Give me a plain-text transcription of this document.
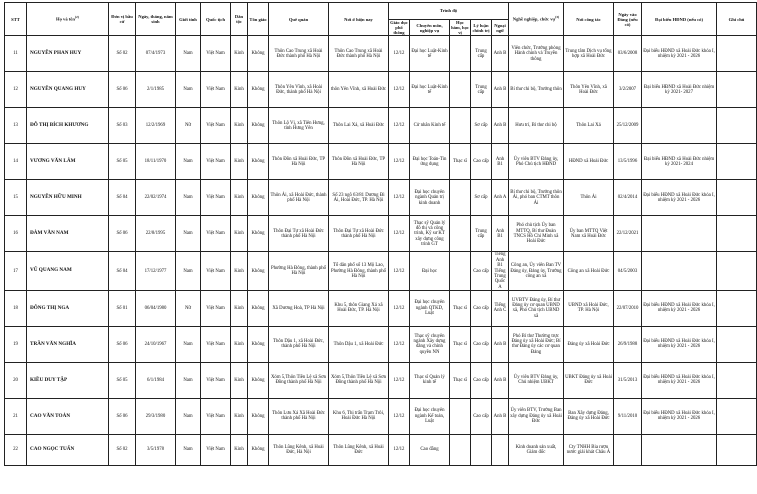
STT	Họ và tên$^{(2)}$	Đơn vị bầu cử	Ngày, tháng, năm sinh	Giới tính	Quốc tịch	Dân tộc	Tôn giáo	Quê quán	Nơi ở hiện nay	Trình độ					Nghề nghiệp, chức vụ$^{(3)}$	Nơi công tác	Ngày vào Đảng (nếu có)	Đại biểu HĐND (nếu có)	Ghi chú
										Giáo dục phổ thông	Chuyên môn, nghiệp vụ	Học hàm, học vị	Lý luận chính trị	Ngoại ngữ					
11	NGUYỄN PHAN HUY	Số 02	07/4/1973	Nam	Việt Nam	Kinh	Không	Thôn Cao Trung xã Hoài Đức thành phố Hà Nội	Thôn Cao Trung xã Hoài Đức thành phố Hà Nội	12/12	Đại học Luật-Kinh tế		Trung cấp	Anh B	Viên chức, Trưởng phòng Hành chính và Truyền thông	Trung tâm Dịch vụ tổng hợp xã Hoài Đức	03/6/2008	Đại biểu HĐND xã Hoài Đức khóa I, nhiệm kỳ 2021 - 2026	
12	NGUYỄN QUANG HUY	Số 06	2/1/1985	Nam	Việt Nam	Kinh	Không	Thôn Yên Vĩnh, xã Hoài Đức, thành phố Hà Nội	thôn Yên Vĩnh, xã Hoài Đức	12/12	Đại học Luật-Kinh tế		Trung cấp	Anh B	Bí thư chi bộ, Trưởng thôn	Thôn Yên Vĩnh, xã Hoài Đức	3/2/2007	Đại biểu HĐND xã Hoài Đức nhiệm kỳ 2021- 2027	
13	ĐỖ THỊ BÍCH KHƯƠNG	Số 03	12/2/1969	Nữ	Việt Nam	Kinh	Không	Thôn Lộ Vị, xã Tiên Hưng, tỉnh Hưng Yên	Thôn Lai Xá, xã Hoài Đức	12/12	Cử nhân Kinh tế		Sơ cấp	Anh B	Hưu trí, Bí thư chi bộ	Thôn Lai Xá	25/12/2009		
14	VƯƠNG VĂN LÂM	Số 05	18/11/1970	Nam	Việt Nam	Kinh	Không	Thôn Đồn xã Hoài Đức, TP Hà Nội	Thôn Đồn xã Hoài Đức, TP Hà Nội	12/12	Đại học Toán-Tin ứng dụng	Thạc sĩ	Cao cấp	Anh B1	Ủy viên BTV Đảng ủy, Phó Chủ tịch HĐND	HĐND xã Hoài Đức	13/5/1996	Đại biểu HĐND xã Hoài Đức nhiệm kỳ 2021- 2024	
15	NGUYỄN HỮU MINH	Số 04	22/02/1974	Nam	Việt Nam	Kinh	Không	Thôn Ải, xã Hoài Đức, thành phố Hà Nội	Số 23 ngõ 63/81 Dương Đì Ải, Hoài Đức, TP. Hà Nội	12/12	Đại học chuyên ngành Quản trị kinh doanh		Sơ cấp	Anh A	Bí thư chi bộ, Trưởng thôn Ải, phó ban CTMT thôn Ải	Thôn Ải	02/4/2014	Đại biểu HĐND xã Hoài Đức khóa I, nhiệm kỳ 2021 - 2026	
16	ĐÀM VĂN NAM	Số 06	22/8/1995	Nam	Việt Nam	Kinh	Không	Thôn Đại Tự xã Hoài Đức thành phố Hà Nội	Thôn Đại Tự xã Hoài Đức thành phố Hà Nội	12/12	Thạc sỹ Quản lý đô thị và công trình, Kỹ sư KT xây dựng công trình GT		Trung cấp	Anh B1	Phó chủ tịch Ủy ban MTTQ, Bí thư Đoàn TNCS Hồ Chí Minh xã Hoài Đức	Ủy ban MTTQ Việt Nam xã Hoài Đức	22/12/2021		
17	VŨ QUANG NAM	Số 04	17/12/1977	Nam	Việt Nam	Kinh	Không	Phường Hà Đông, thành phố Hà Nội	Tổ dân phố số 13 Mộ Lao, Phường Hà Đông, thành phố Hà Nội	12/12	Đại học		Cao cấp	Tiếng Anh B1 Tiếng Trung Quốc A	Công an, Ủy viên Ban TV Đảng ủy, Đảng ủy, Trưởng công an xã	Công an xã Hoài Đức	04/5/2003		
18	ĐÔNG THỊ NGA	Số 01	06/04/1980	Nữ	Việt Nam	Kinh	Không	Xã Dương Hoà, TP Hà Nội	Khu 5, thôn Giang Xá xã Hoài Đức, TP. Hà Nội	12/12	Đại học chuyên ngành QTKD, Luật	Thạc sĩ	Cao cấp	Tiếng Anh C	UVBTV Đảng ủy, Bí thư Đảng ủy cơ quan UBND xã, Phó Chủ tịch UBND xã	UBND xã Hoài Đức, TP. Hà Nội	22/07/2010	Đại biểu HĐND xã Hoài Đức khóa I, nhiệm kỳ 2021 - 2026	
19	TRẦN VĂN NGHĨA	Số 06	24/10/1967	Nam	Việt Nam	Kinh	Không	Thôn Dậu 1, xã Hoài Đức, thành phố Hà Nội	Thôn Dậu 1, xã Hoài Đức	12/12	Thạc sỹ chuyên ngành Xây dựng đảng và chính quyền NN	Thạc sĩ	Cao cấp	Anh B	Phó Bí thư Thường trực Đảng ủy xã Hoài Đức; Bí thư Đảng ủy các cơ quan Đảng	Đảng ủy xã Hoài Đức	26/9/1988	Đại biểu HĐND xã Hoài Đức khóa I, nhiệm kỳ 2021 - 2026	
20	KIỀU DUY TẬP	Số 05	6/1/1984	Nam	Việt Nam	Kinh	Không	Xóm 5,Thôn Tiền Lệ xã Sơn Đồng thành phố Hà Nội	Xóm 5,Thôn Tiền Lệ xã Sơn Đồng thành phố Hà Nội	12/12	Thạc sĩ Quản lý kinh tế	Thạc sĩ	Cao cấp	Anh B	Ủy viên BTV Đảng ủy, Chủ nhiệm UBKT	UBKT Đảng ủy xã Hoài Đức	31/5/2013	Đại biểu HĐND xã Hoài Đức khóa I, nhiệm kỳ 2021 - 2026	
21	CAO VĂN TOẢN	Số 06	29/3/1980	Nam	Việt Nam	Kinh	Không	Thôn Lưu Xá Xã Hoài Đức thành phố Hà Nội	Khu 6, Thị trấn Trạm Trôi, Hoài Đức Hà Nội	12/12	Đại học chuyên ngành Kế toán, Luật		Cao cấp	Anh B	Ủy viên BTV, Trưởng Ban xây dựng Đảng ủy xã Hoài Đức	Ban Xây dựng Đảng, Đảng ủy xã Hoài Đức	9/11/2010	Đại biểu HĐND xã Hoài Đức khóa I, nhiệm kỳ 2021 - 2026	
22	CAO NGỌC TUẤN	Số 02	3/5/1978	Nam	Việt Nam	Kinh	Không	Thôn Lũng Kênh, xã Hoài Đức, Hà Nội	Thôn Lũng Kênh, xã Hoài Đức	12/12	Cao đẳng				Kinh doanh sản xuất, Giám đốc	Cty TNHH Bia rượu nước giải khát Châu Á			
